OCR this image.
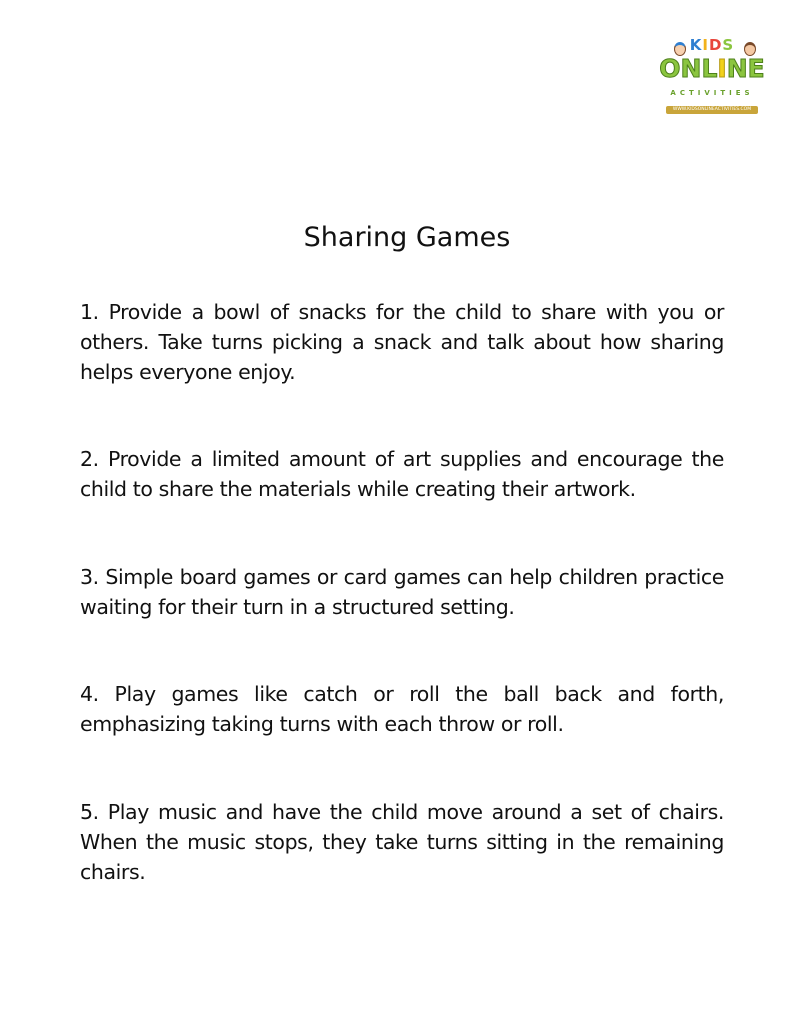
KIDS
ONLINE
ACTIVITIES
WWW.KIDSONLINEACTIVITIES.COM
Sharing Games

1. Provide a bowl of snacks for the child to share with you or others. Take turns picking a snack and talk about how sharing helps everyone enjoy.

2. Provide a limited amount of art supplies and encourage the child to share the materials while creating their artwork.

3. Simple board games or card games can help children practice waiting for their turn in a structured setting.

4. Play games like catch or roll the ball back and forth, emphasizing taking turns with each throw or roll.

5. Play music and have the child move around a set of chairs. When the music stops, they take turns sitting in the remaining chairs.
